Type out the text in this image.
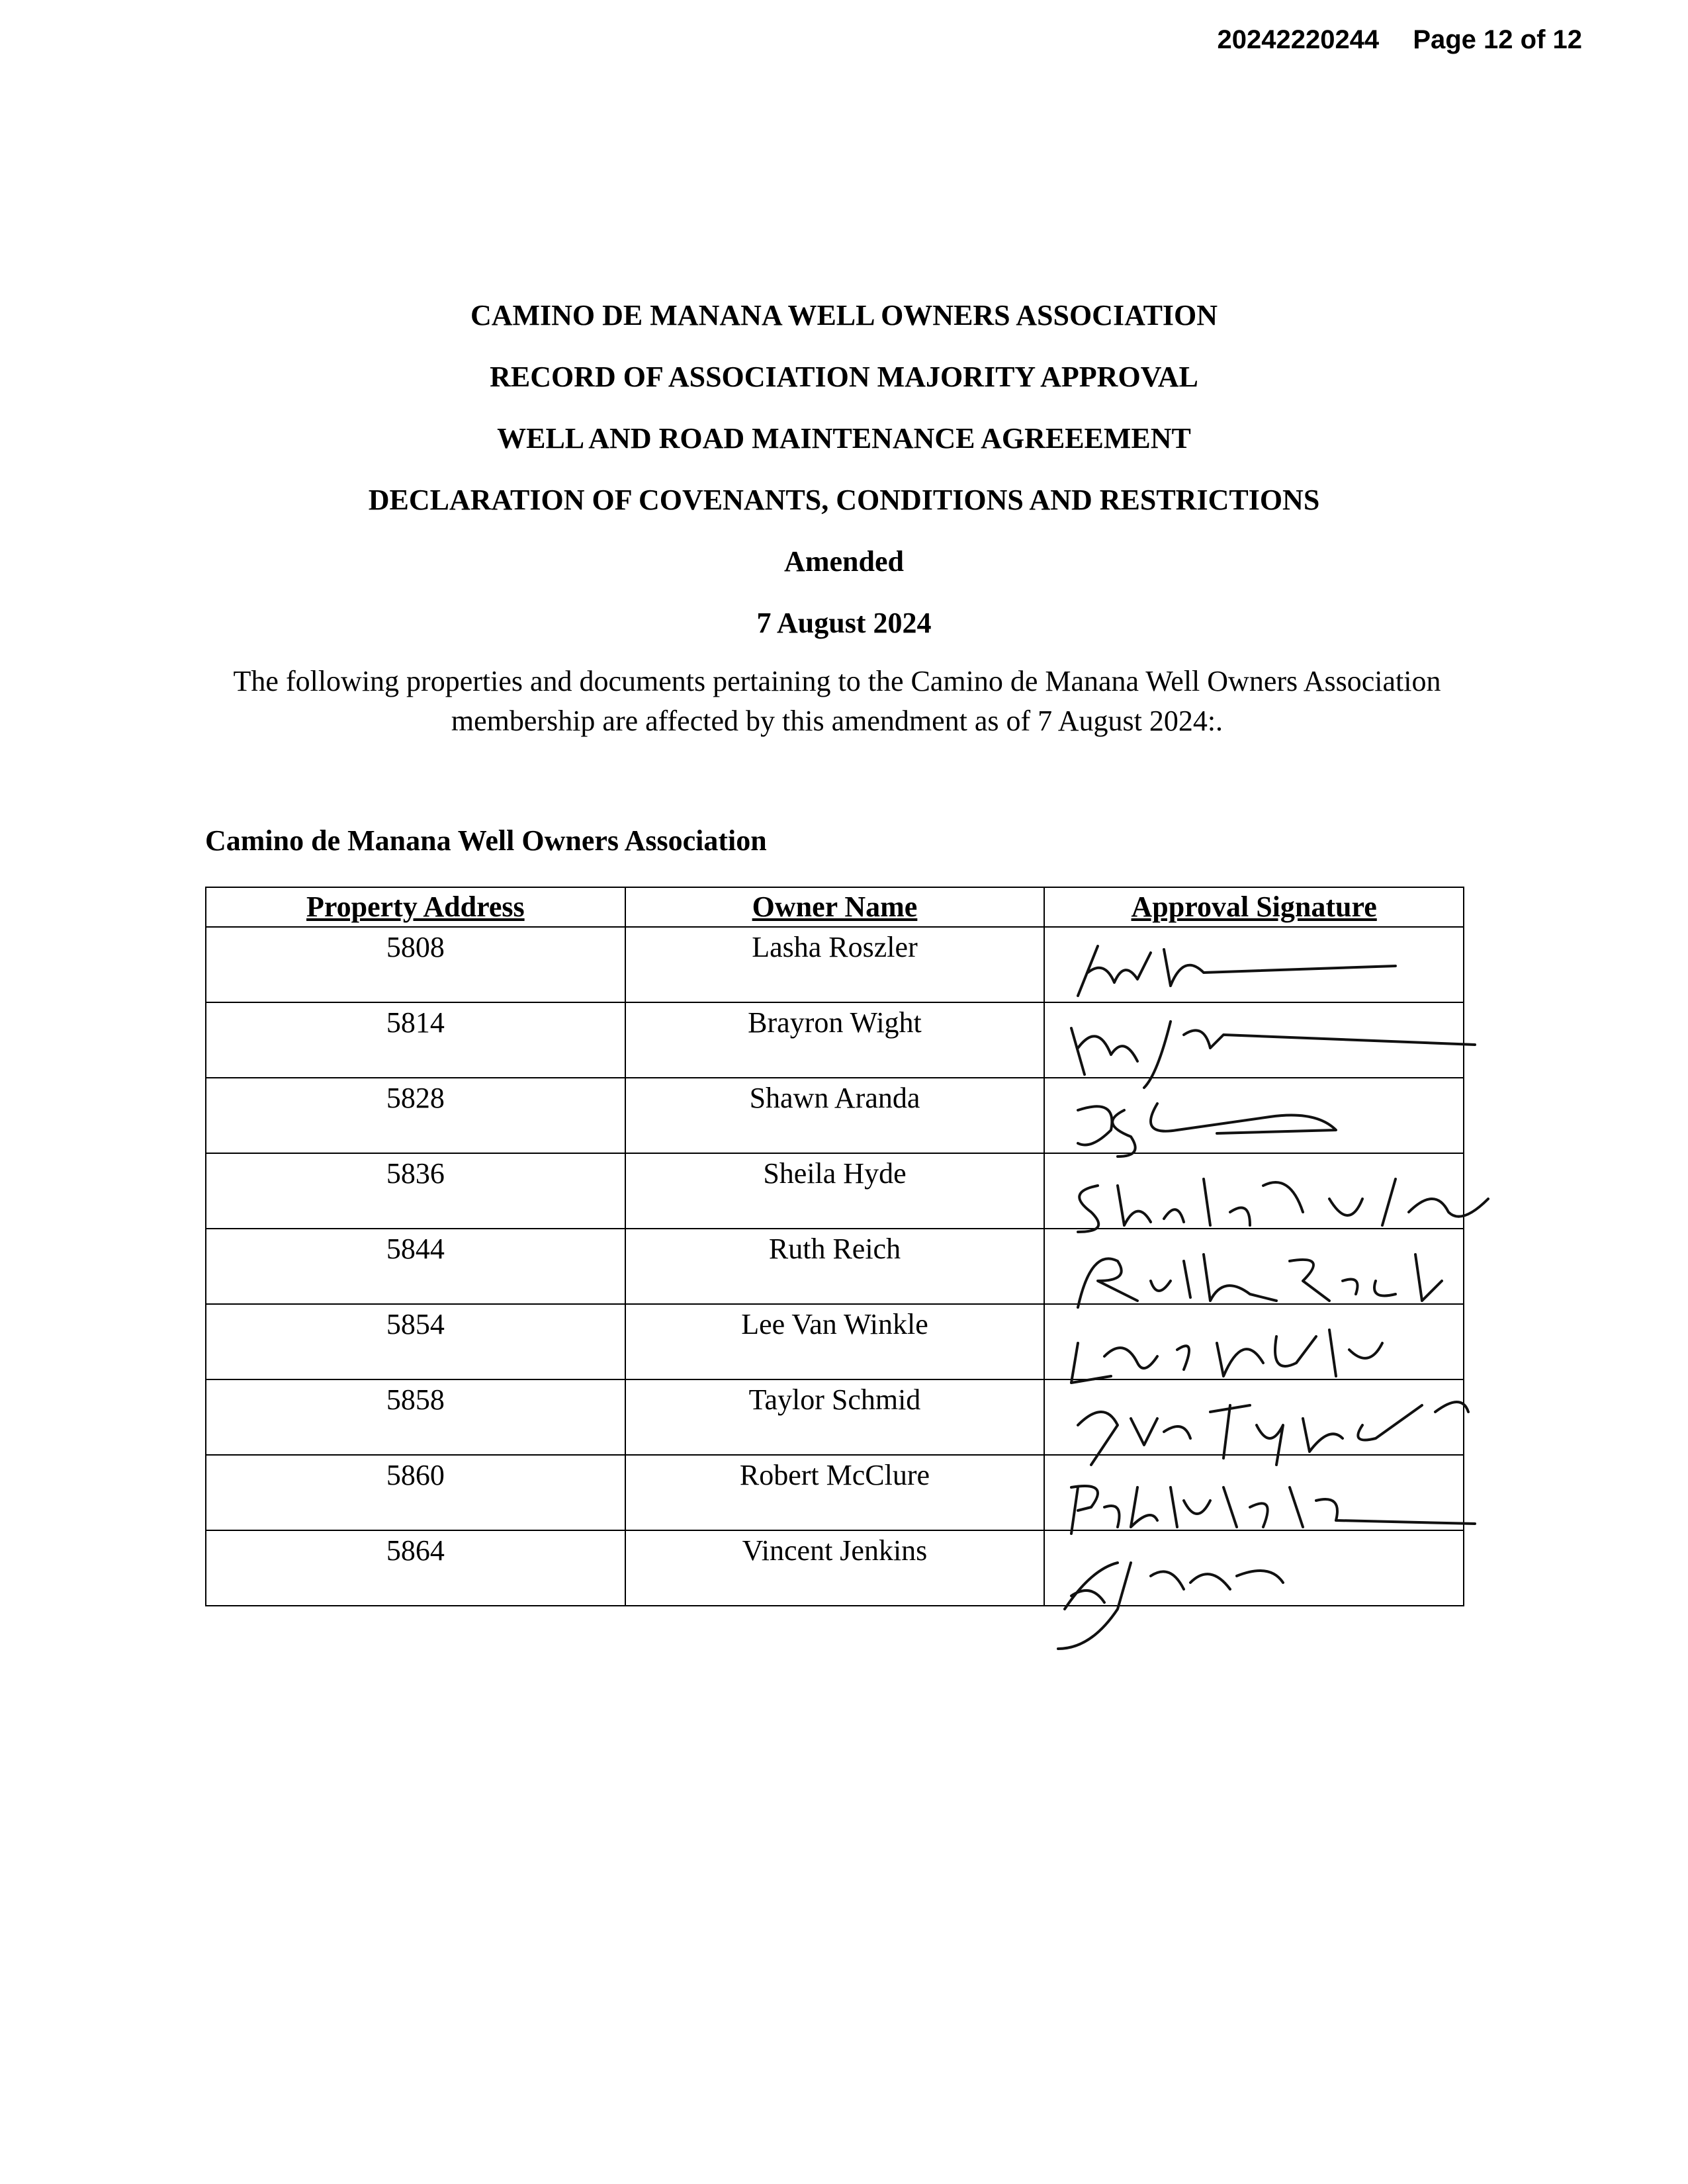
20242220244 Page 12 of 12

CAMINO DE MANANA WELL OWNERS ASSOCIATION

RECORD OF ASSOCIATION MAJORITY APPROVAL

WELL AND ROAD MAINTENANCE AGREEEMENT

DECLARATION OF COVENANTS, CONDITIONS AND RESTRICTIONS

Amended

7 August 2024

The following properties and documents pertaining to the Camino de Manana Well Owners Association membership are affected by this amendment as of 7 August 2024:.

Camino de Manana Well Owners Association

Property Address	Owner Name	Approval Signature
5808	Lasha Roszler	

5814	Brayron Wight	

5828	Shawn Aranda	

5836	Sheila Hyde	

5844	Ruth Reich	

5854	Lee Van Winkle	

5858	Taylor Schmid	

5860	Robert McClure	

5864	Vincent Jenkins	
